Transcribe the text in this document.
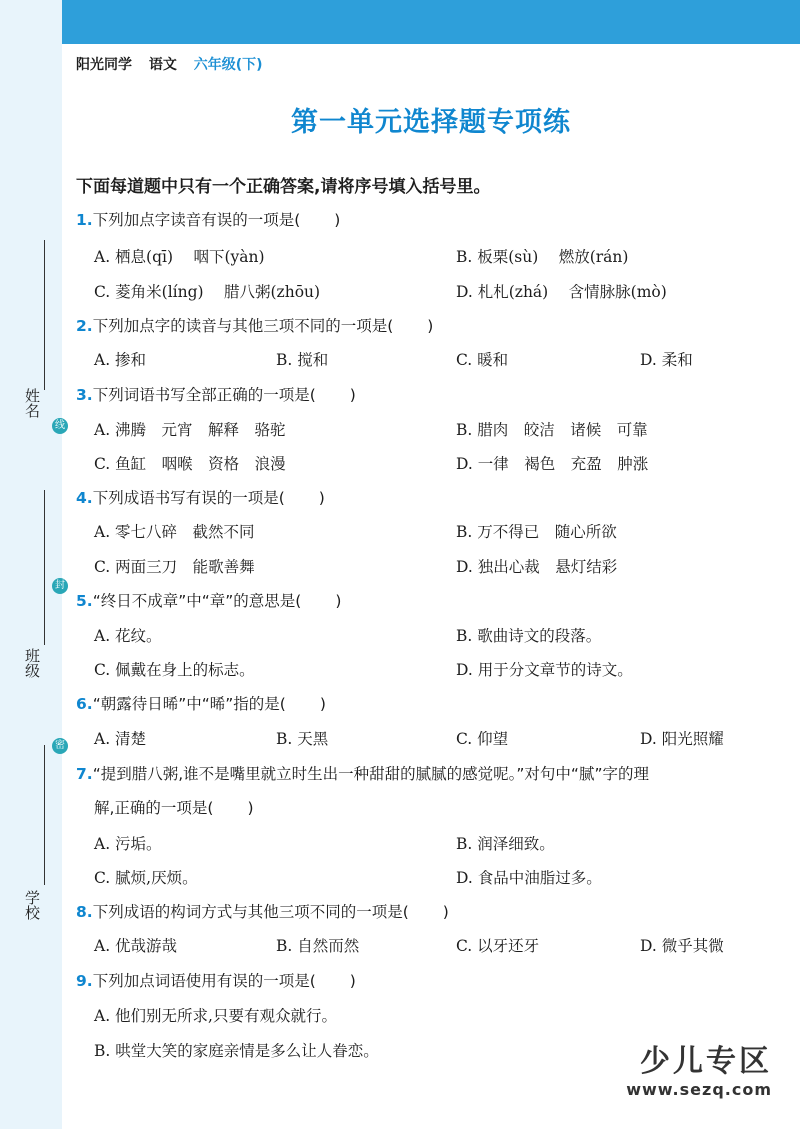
姓名
线
班级
封
学校
密
阳光同学 语文 六年级(下)
第一单元选择题专项练
下面每道题中只有一个正确答案,请将序号填入括号里。
1.下列加点字读音有误的一项是( )
A. 栖息(qī)　 咽下(yàn)	B. 板栗(sù)　 燃放(rán)
C. 菱角米(líng)　 腊八粥(zhōu)	D. 札札(zhá)　 含情脉脉(mò)
2.下列加点字的读音与其他三项不同的一项是( )
A. 掺和	B. 搅和	C. 暖和	D. 柔和
3.下列词语书写全部正确的一项是( )
A. 沸腾　元宵　解释　骆驼	B. 腊肉　皎洁　诸候　可靠
C. 鱼缸　咽喉　资格　浪漫	D. 一律　褐色　充盈　肿涨
4.下列成语书写有误的一项是( )
A. 零七八碎　截然不同	B. 万不得已　随心所欲
C. 两面三刀　能歌善舞	D. 独出心裁　悬灯结彩
5.“终日不成章”中“章”的意思是( )
A. 花纹。	B. 歌曲诗文的段落。
C. 佩戴在身上的标志。	D. 用于分文章节的诗文。
6.“朝露待日晞”中“晞”指的是( )
A. 清楚	B. 天黑	C. 仰望	D. 阳光照耀
7.“提到腊八粥,谁不是嘴里就立时生出一种甜甜的腻腻的感觉呢。”对句中“腻”字的理
解,正确的一项是( )
A. 污垢。	B. 润泽细致。
C. 腻烦,厌烦。	D. 食品中油脂过多。
8.下列成语的构词方式与其他三项不同的一项是( )
A. 优哉游哉	B. 自然而然	C. 以牙还牙	D. 微乎其微
9.下列加点词语使用有误的一项是( )
A. 他们别无所求,只要有观众就行。
B. 哄堂大笑的家庭亲情是多么让人眷恋。	少儿专区
www.sezq.com
